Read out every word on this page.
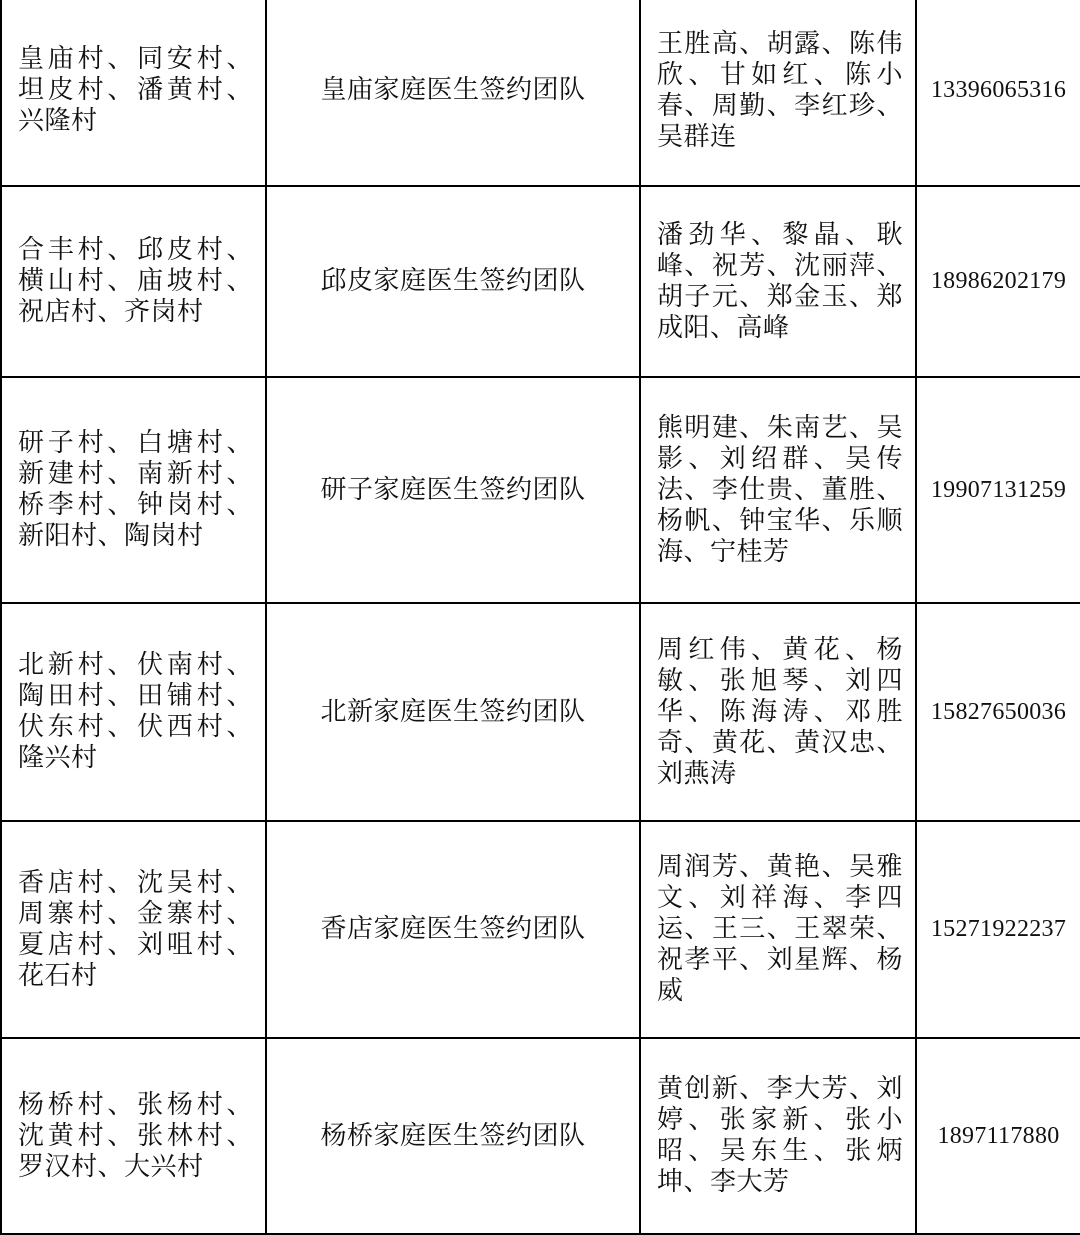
皇庙村、同安村、坦皮村、潘黄村、兴隆村	皇庙家庭医生签约团队	王胜高、胡露、陈伟欣、甘如红、陈小春、周勤、李红珍、吴群连	13396065316
合丰村、邱皮村、横山村、庙坡村、祝店村、齐岗村	邱皮家庭医生签约团队	潘劲华、黎晶、耿峰、祝芳、沈丽萍、胡子元、郑金玉、郑成阳、高峰	18986202179
研子村、白塘村、新建村、南新村、桥李村、钟岗村、新阳村、陶岗村	研子家庭医生签约团队	熊明建、朱南艺、吴影、刘绍群、吴传法、李仕贵、董胜、杨帆、钟宝华、乐顺海、宁桂芳	19907131259
北新村、伏南村、陶田村、田铺村、伏东村、伏西村、隆兴村	北新家庭医生签约团队	周红伟、黄花、杨敏、张旭琴、刘四华、陈海涛、邓胜奇、黄花、黄汉忠、刘燕涛	15827650036
香店村、沈吴村、周寨村、金寨村、夏店村、刘咀村、花石村	香店家庭医生签约团队	周润芳、黄艳、吴雅文、刘祥海、李四运、王三、王翠荣、祝孝平、刘星辉、杨威	15271922237
杨桥村、张杨村、沈黄村、张林村、罗汉村、大兴村	杨桥家庭医生签约团队	黄创新、李大芳、刘婷、张家新、张小昭、吴东生、张炳坤、李大芳	1897117880
